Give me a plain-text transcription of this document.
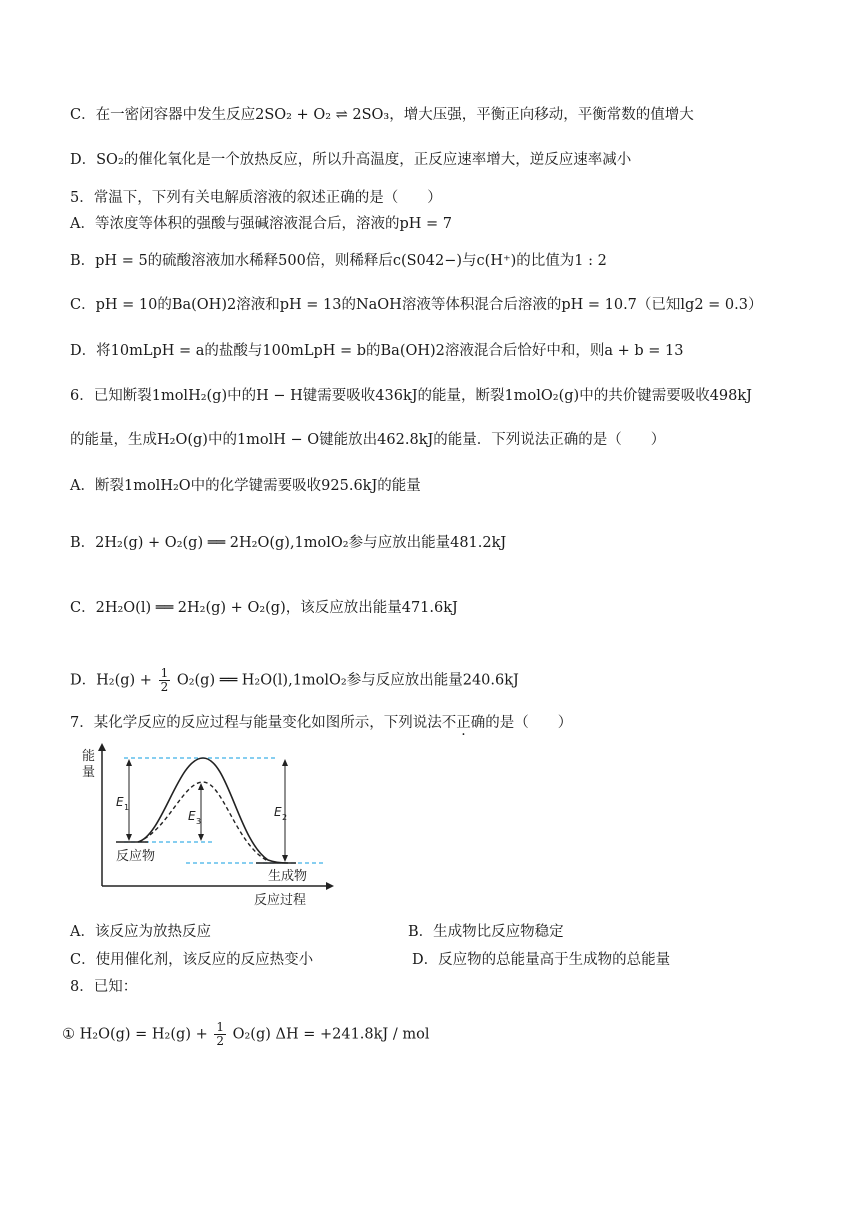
C．在一密闭容器中发生反应2SO₂ + O₂ ⇌ 2SO₃，增大压强，平衡正向移动，平衡常数的值增大
D．SO₂的催化氧化是一个放热反应，所以升高温度，正反应速率增大，逆反应速率减小
5．常温下，下列有关电解质溶液的叙述正确的是（　　）
A．等浓度等体积的强酸与强碱溶液混合后，溶液的pH = 7
B．pH = 5的硫酸溶液加水稀释500倍，则稀释后c(S042−)与c(H⁺)的比值为1 : 2
C．pH = 10的Ba(OH)2溶液和pH = 13的NaOH溶液等体积混合后溶液的pH = 10.7（已知lg2 = 0.3）
D．将10mLpH = a的盐酸与100mLpH = b的Ba(OH)2溶液混合后恰好中和，则a + b = 13
6．已知断裂1molH₂(g)中的H − H键需要吸收436kJ的能量，断裂1molO₂(g)中的共价键需要吸收498kJ
的能量，生成H₂O(g)中的1molH − O键能放出462.8kJ的能量．下列说法正确的是（　　）
A．断裂1molH₂O中的化学键需要吸收925.6kJ的能量
B．2H₂(g) + O₂(g) ══ 2H₂O(g),1molO₂参与应放出能量481.2kJ
C．2H₂O(l) ══ 2H₂(g) + O₂(g)，该反应放出能量471.6kJ
D．$H_2(g) + \frac{1}{2} O_2(g)$ ══ H₂O(l),1molO₂参与反应放出能量240.6kJ
7．某化学反应的反应过程与能量变化如图所示，下列说法不正确的是（　　）
能
量
反应过程
反应物
生成物
E 1
E 3
E 2
A．该反应为放热反应	B．生成物比反应物稳定
C．使用催化剂，该反应的反应热变小	D．反应物的总能量高于生成物的总能量
8．已知：
① $H_2O(g) = H_2(g) + \frac{1}{2} O_2(g) \Delta H = +241.8kJ$ / mol
